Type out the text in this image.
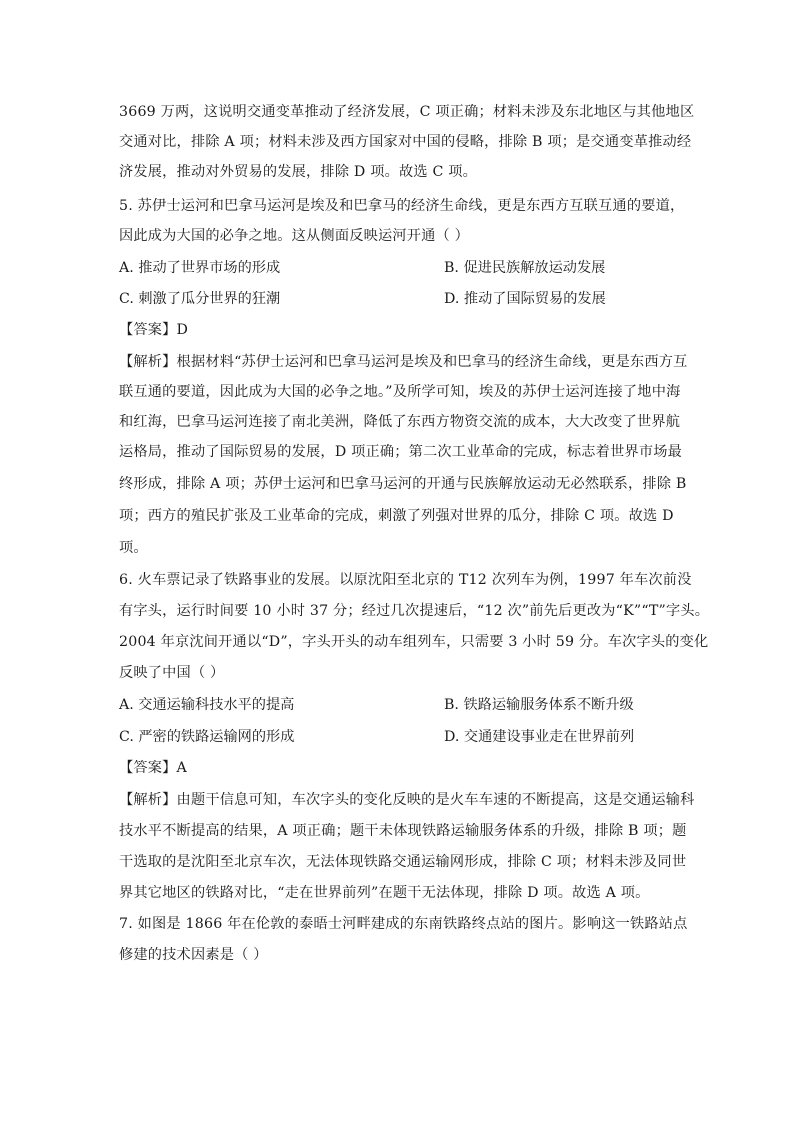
3669 万两，这说明交通变革推动了经济发展，C 项正确；材料未涉及东北地区与其他地区
交通对比，排除 A 项；材料未涉及西方国家对中国的侵略，排除 B 项；是交通变革推动经
济发展，推动对外贸易的发展，排除 D 项。故选 C 项。
5. 苏伊士运河和巴拿马运河是埃及和巴拿马的经济生命线，更是东西方互联互通的要道，
因此成为大国的必争之地。这从侧面反映运河开通（ ）
A. 推动了世界市场的形成	B. 促进民族解放运动发展
C. 刺激了瓜分世界的狂潮	D. 推动了国际贸易的发展
【答案】D
【解析】根据材料“苏伊士运河和巴拿马运河是埃及和巴拿马的经济生命线，更是东西方互
联互通的要道，因此成为大国的必争之地。”及所学可知，埃及的苏伊士运河连接了地中海
和红海，巴拿马运河连接了南北美洲，降低了东西方物资交流的成本，大大改变了世界航
运格局，推动了国际贸易的发展，D 项正确；第二次工业革命的完成，标志着世界市场最
终形成，排除 A 项；苏伊士运河和巴拿马运河的开通与民族解放运动无必然联系，排除 B
项；西方的殖民扩张及工业革命的完成，刺激了列强对世界的瓜分，排除 C 项。故选 D
项。
6. 火车票记录了铁路事业的发展。以原沈阳至北京的 T12 次列车为例，1997 年车次前没
有字头，运行时间要 10 小时 37 分；经过几次提速后，“12 次”前先后更改为“K”“T”字头。
2004 年京沈间开通以“D”，字头开头的动车组列车，只需要 3 小时 59 分。车次字头的变化
反映了中国（ ）
A. 交通运输科技水平的提高	B. 铁路运输服务体系不断升级
C. 严密的铁路运输网的形成	D. 交通建设事业走在世界前列
【答案】A
【解析】由题干信息可知，车次字头的变化反映的是火车车速的不断提高，这是交通运输科
技水平不断提高的结果，A 项正确；题干未体现铁路运输服务体系的升级，排除 B 项；题
干选取的是沈阳至北京车次，无法体现铁路交通运输网形成，排除 C 项；材料未涉及同世
界其它地区的铁路对比，“走在世界前列”在题干无法体现，排除 D 项。故选 A 项。
7. 如图是 1866 年在伦敦的泰晤士河畔建成的东南铁路终点站的图片。影响这一铁路站点
修建的技术因素是（ ）
